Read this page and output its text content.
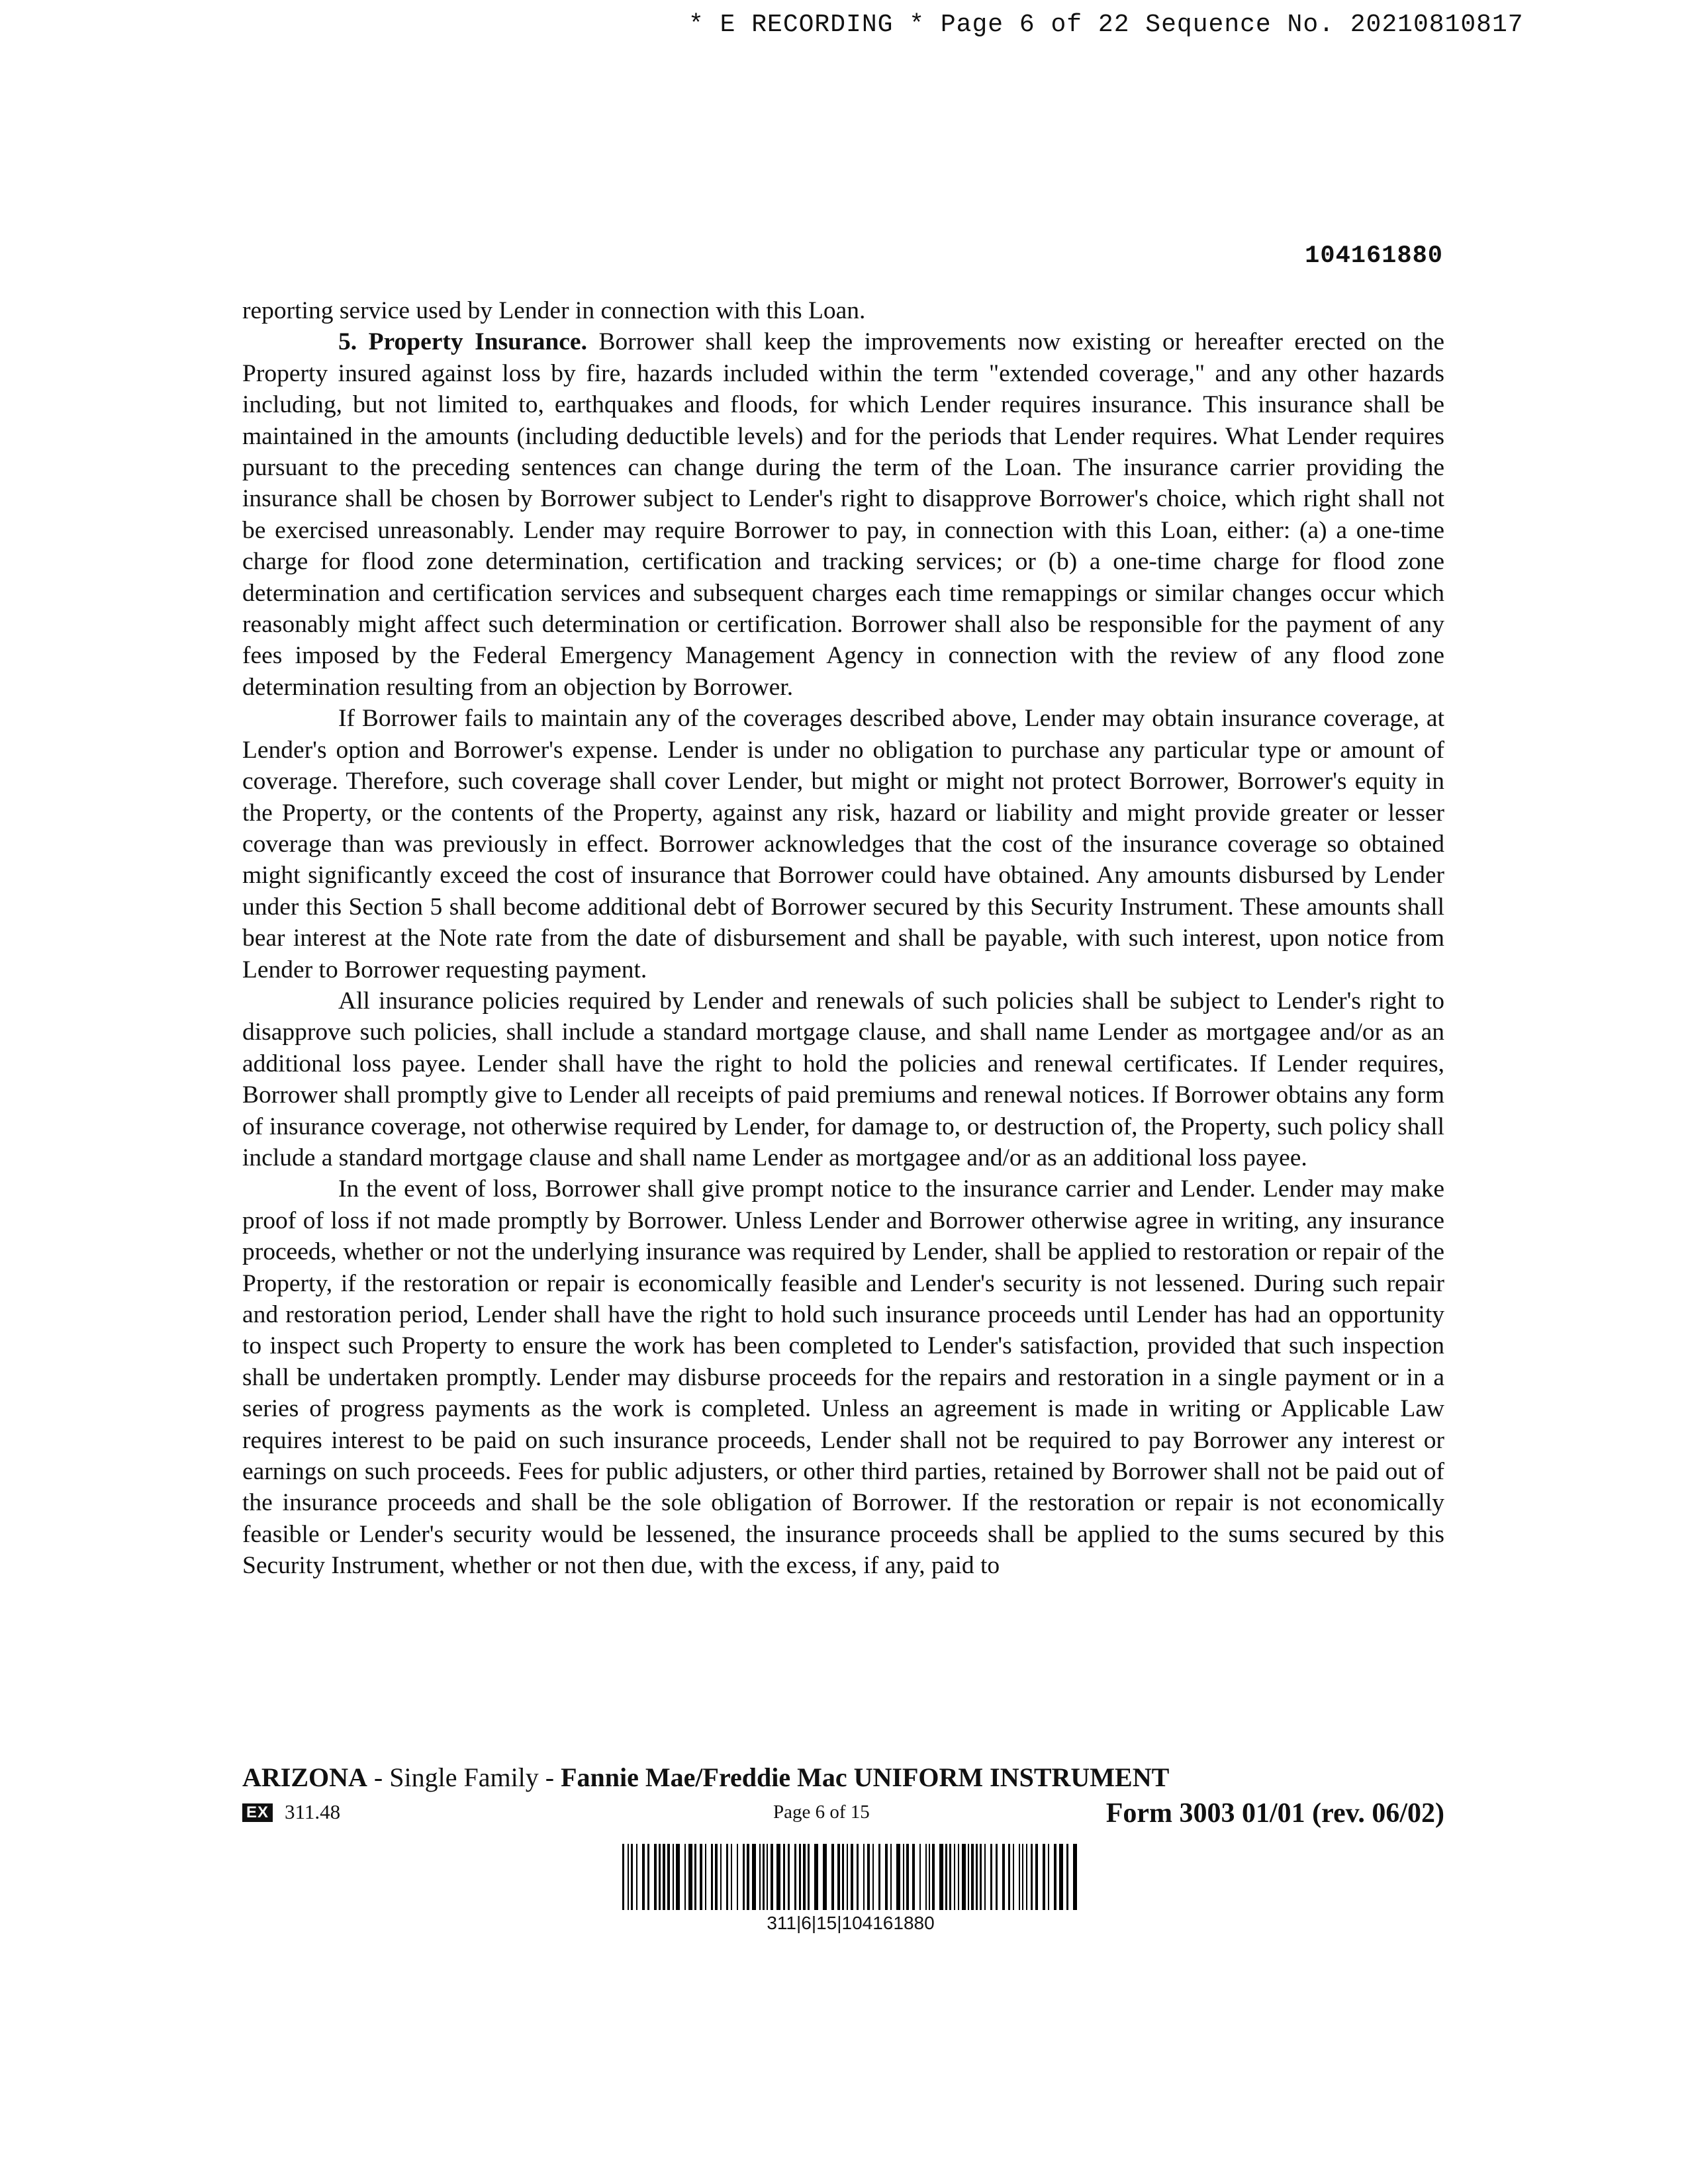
* E RECORDING * Page 6 of 22 Sequence No. 20210810817
104161880

reporting service used by Lender in connection with this Loan.

5. Property Insurance. Borrower shall keep the improvements now existing or hereafter erected on the Property insured against loss by fire, hazards included within the term "extended coverage," and any other hazards including, but not limited to, earthquakes and floods, for which Lender requires insurance. This insurance shall be maintained in the amounts (including deductible levels) and for the periods that Lender requires. What Lender requires pursuant to the preceding sentences can change during the term of the Loan. The insurance carrier providing the insurance shall be chosen by Borrower subject to Lender's right to disapprove Borrower's choice, which right shall not be exercised unreasonably. Lender may require Borrower to pay, in connection with this Loan, either: (a) a one-time charge for flood zone determination, certification and tracking services; or (b) a one-time charge for flood zone determination and certification services and subsequent charges each time remappings or similar changes occur which reasonably might affect such determination or certification. Borrower shall also be responsible for the payment of any fees imposed by the Federal Emergency Management Agency in connection with the review of any flood zone determination resulting from an objection by Borrower.

If Borrower fails to maintain any of the coverages described above, Lender may obtain insurance coverage, at Lender's option and Borrower's expense. Lender is under no obligation to purchase any particular type or amount of coverage. Therefore, such coverage shall cover Lender, but might or might not protect Borrower, Borrower's equity in the Property, or the contents of the Property, against any risk, hazard or liability and might provide greater or lesser coverage than was previously in effect. Borrower acknowledges that the cost of the insurance coverage so obtained might significantly exceed the cost of insurance that Borrower could have obtained. Any amounts disbursed by Lender under this Section 5 shall become additional debt of Borrower secured by this Security Instrument. These amounts shall bear interest at the Note rate from the date of disbursement and shall be payable, with such interest, upon notice from Lender to Borrower requesting payment.

All insurance policies required by Lender and renewals of such policies shall be subject to Lender's right to disapprove such policies, shall include a standard mortgage clause, and shall name Lender as mortgagee and/or as an additional loss payee. Lender shall have the right to hold the policies and renewal certificates. If Lender requires, Borrower shall promptly give to Lender all receipts of paid premiums and renewal notices. If Borrower obtains any form of insurance coverage, not otherwise required by Lender, for damage to, or destruction of, the Property, such policy shall include a standard mortgage clause and shall name Lender as mortgagee and/or as an additional loss payee.

In the event of loss, Borrower shall give prompt notice to the insurance carrier and Lender. Lender may make proof of loss if not made promptly by Borrower. Unless Lender and Borrower otherwise agree in writing, any insurance proceeds, whether or not the underlying insurance was required by Lender, shall be applied to restoration or repair of the Property, if the restoration or repair is economically feasible and Lender's security is not lessened. During such repair and restoration period, Lender shall have the right to hold such insurance proceeds until Lender has had an opportunity to inspect such Property to ensure the work has been completed to Lender's satisfaction, provided that such inspection shall be undertaken promptly. Lender may disburse proceeds for the repairs and restoration in a single payment or in a series of progress payments as the work is completed. Unless an agreement is made in writing or Applicable Law requires interest to be paid on such insurance proceeds, Lender shall not be required to pay Borrower any interest or earnings on such proceeds. Fees for public adjusters, or other third parties, retained by Borrower shall not be paid out of the insurance proceeds and shall be the sole obligation of Borrower. If the restoration or repair is not economically feasible or Lender's security would be lessened, the insurance proceeds shall be applied to the sums secured by this Security Instrument, whether or not then due, with the excess, if any, paid to

ARIZONA - Single Family - Fannie Mae/Freddie Mac UNIFORM INSTRUMENT
EX 311.48	Page 6 of 15	Form 3003 01/01 (rev. 06/02)
311|6|15|104161880
